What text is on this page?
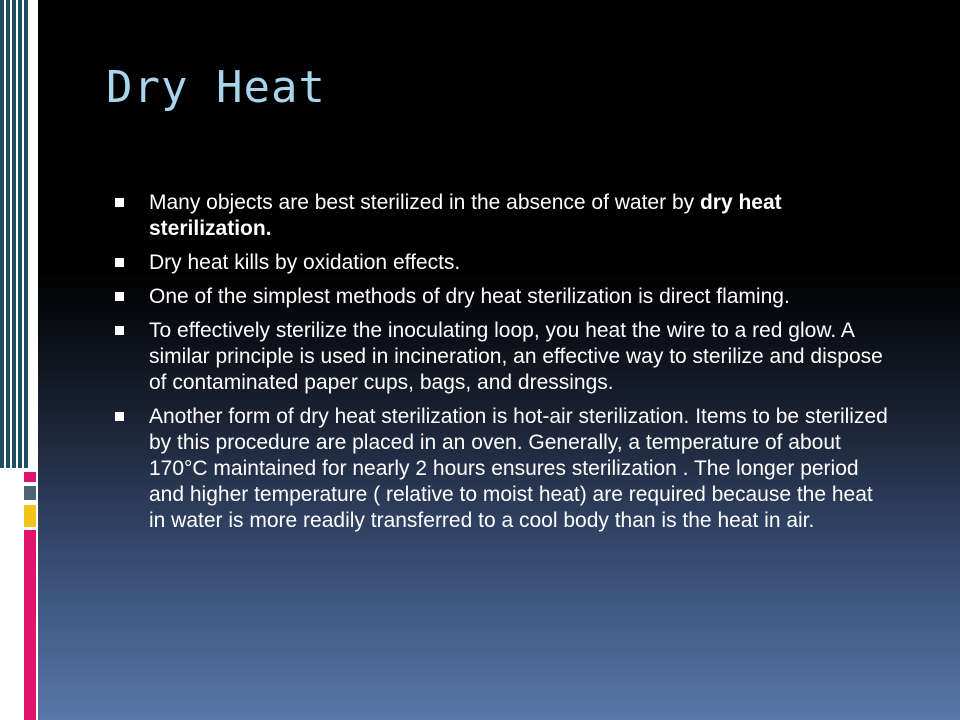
Dry Heat
Many objects are best sterilized in the absence of water by dry heat sterilization.
Dry heat kills by oxidation effects.
One of the simplest methods of dry heat sterilization is direct flaming.
To effectively sterilize the inoculating loop, you heat the wire to a red glow. A similar principle is used in incineration, an effective way to sterilize and dispose of contaminated paper cups, bags, and dressings.
Another form of dry heat sterilization is hot-air sterilization. Items to be sterilized by this procedure are placed in an oven. Generally, a temperature of about 170°C maintained for nearly 2 hours ensures sterilization . The longer period and higher temperature ( relative to moist heat) are required because the heat in water is more readily transferred to a cool body than is the heat in air.
